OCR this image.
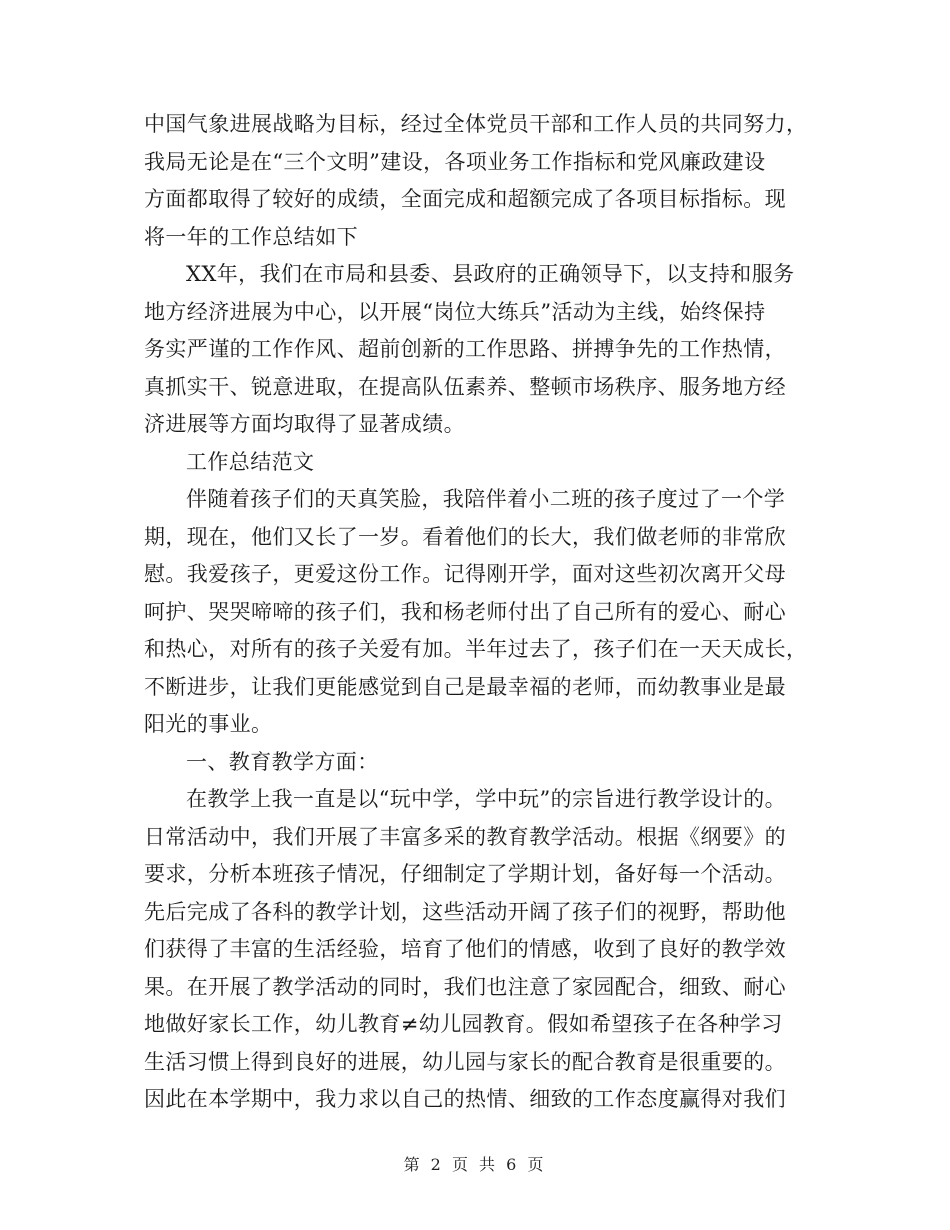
中国气象进展战略为目标，经过全体党员干部和工作人员的共同努力，
我局无论是在“三个文明”建设，各项业务工作指标和党风廉政建设
方面都取得了较好的成绩，全面完成和超额完成了各项目标指标。现
将一年的工作总结如下
XX年，我们在市局和县委、县政府的正确领导下，以支持和服务
地方经济进展为中心，以开展“岗位大练兵”活动为主线，始终保持
务实严谨的工作作风、超前创新的工作思路、拼搏争先的工作热情，
真抓实干、锐意进取，在提高队伍素养、整顿市场秩序、服务地方经
济进展等方面均取得了显著成绩。
工作总结范文
伴随着孩子们的天真笑脸，我陪伴着小二班的孩子度过了一个学
期，现在，他们又长了一岁。看着他们的长大，我们做老师的非常欣
慰。我爱孩子，更爱这份工作。记得刚开学，面对这些初次离开父母
呵护、哭哭啼啼的孩子们，我和杨老师付出了自己所有的爱心、耐心
和热心，对所有的孩子关爱有加。半年过去了，孩子们在一天天成长，
不断进步，让我们更能感觉到自己是最幸福的老师，而幼教事业是最
阳光的事业。
一、教育教学方面：
在教学上我一直是以“玩中学，学中玩”的宗旨进行教学设计的。
日常活动中，我们开展了丰富多采的教育教学活动。根据《纲要》的
要求，分析本班孩子情况，仔细制定了学期计划，备好每一个活动。
先后完成了各科的教学计划，这些活动开阔了孩子们的视野，帮助他
们获得了丰富的生活经验，培育了他们的情感，收到了良好的教学效
果。在开展了教学活动的同时，我们也注意了家园配合，细致、耐心
地做好家长工作，幼儿教育≠幼儿园教育。假如希望孩子在各种学习
生活习惯上得到良好的进展，幼儿园与家长的配合教育是很重要的。
因此在本学期中，我力求以自己的热情、细致的工作态度赢得对我们
第 2 页 共 6 页
